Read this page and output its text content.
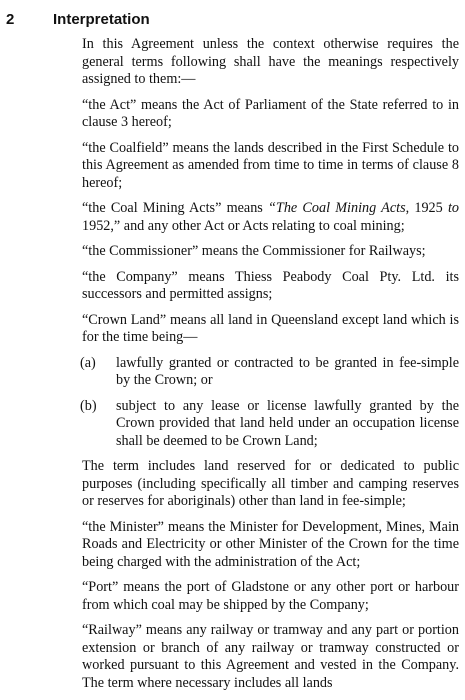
2	Interpretation

In this Agreement unless the context otherwise requires the general terms following shall have the meanings respectively assigned to them:—

“the Act” means the Act of Parliament of the State referred to in clause 3 hereof;

“the Coalfield” means the lands described in the First Schedule to this Agreement as amended from time to time in terms of clause 8 hereof;

“the Coal Mining Acts” means “The Coal Mining Acts, 1925 to 1952,” and any other Act or Acts relating to coal mining;

“the Commissioner” means the Commissioner for Railways;

“the Company” means Thiess Peabody Coal Pty. Ltd. its successors and permitted assigns;

“Crown Land” means all land in Queensland except land which is for the time being—

(a)	lawfully granted or contracted to be granted in fee-simple by the Crown; or
(b)	subject to any lease or license lawfully granted by the Crown provided that land held under an occupation license shall be deemed to be Crown Land;

The term includes land reserved for or dedicated to public purposes (including specifically all timber and camping reserves or reserves for aboriginals) other than land in fee-simple;

“the Minister” means the Minister for Development, Mines, Main Roads and Electricity or other Minister of the Crown for the time being charged with the administration of the Act;

“Port” means the port of Gladstone or any other port or harbour from which coal may be shipped by the Company;

“Railway” means any railway or tramway and any part or portion extension or branch of any railway or tramway constructed or worked pursuant to this Agreement and vested in the Company. The term where necessary includes all lands
